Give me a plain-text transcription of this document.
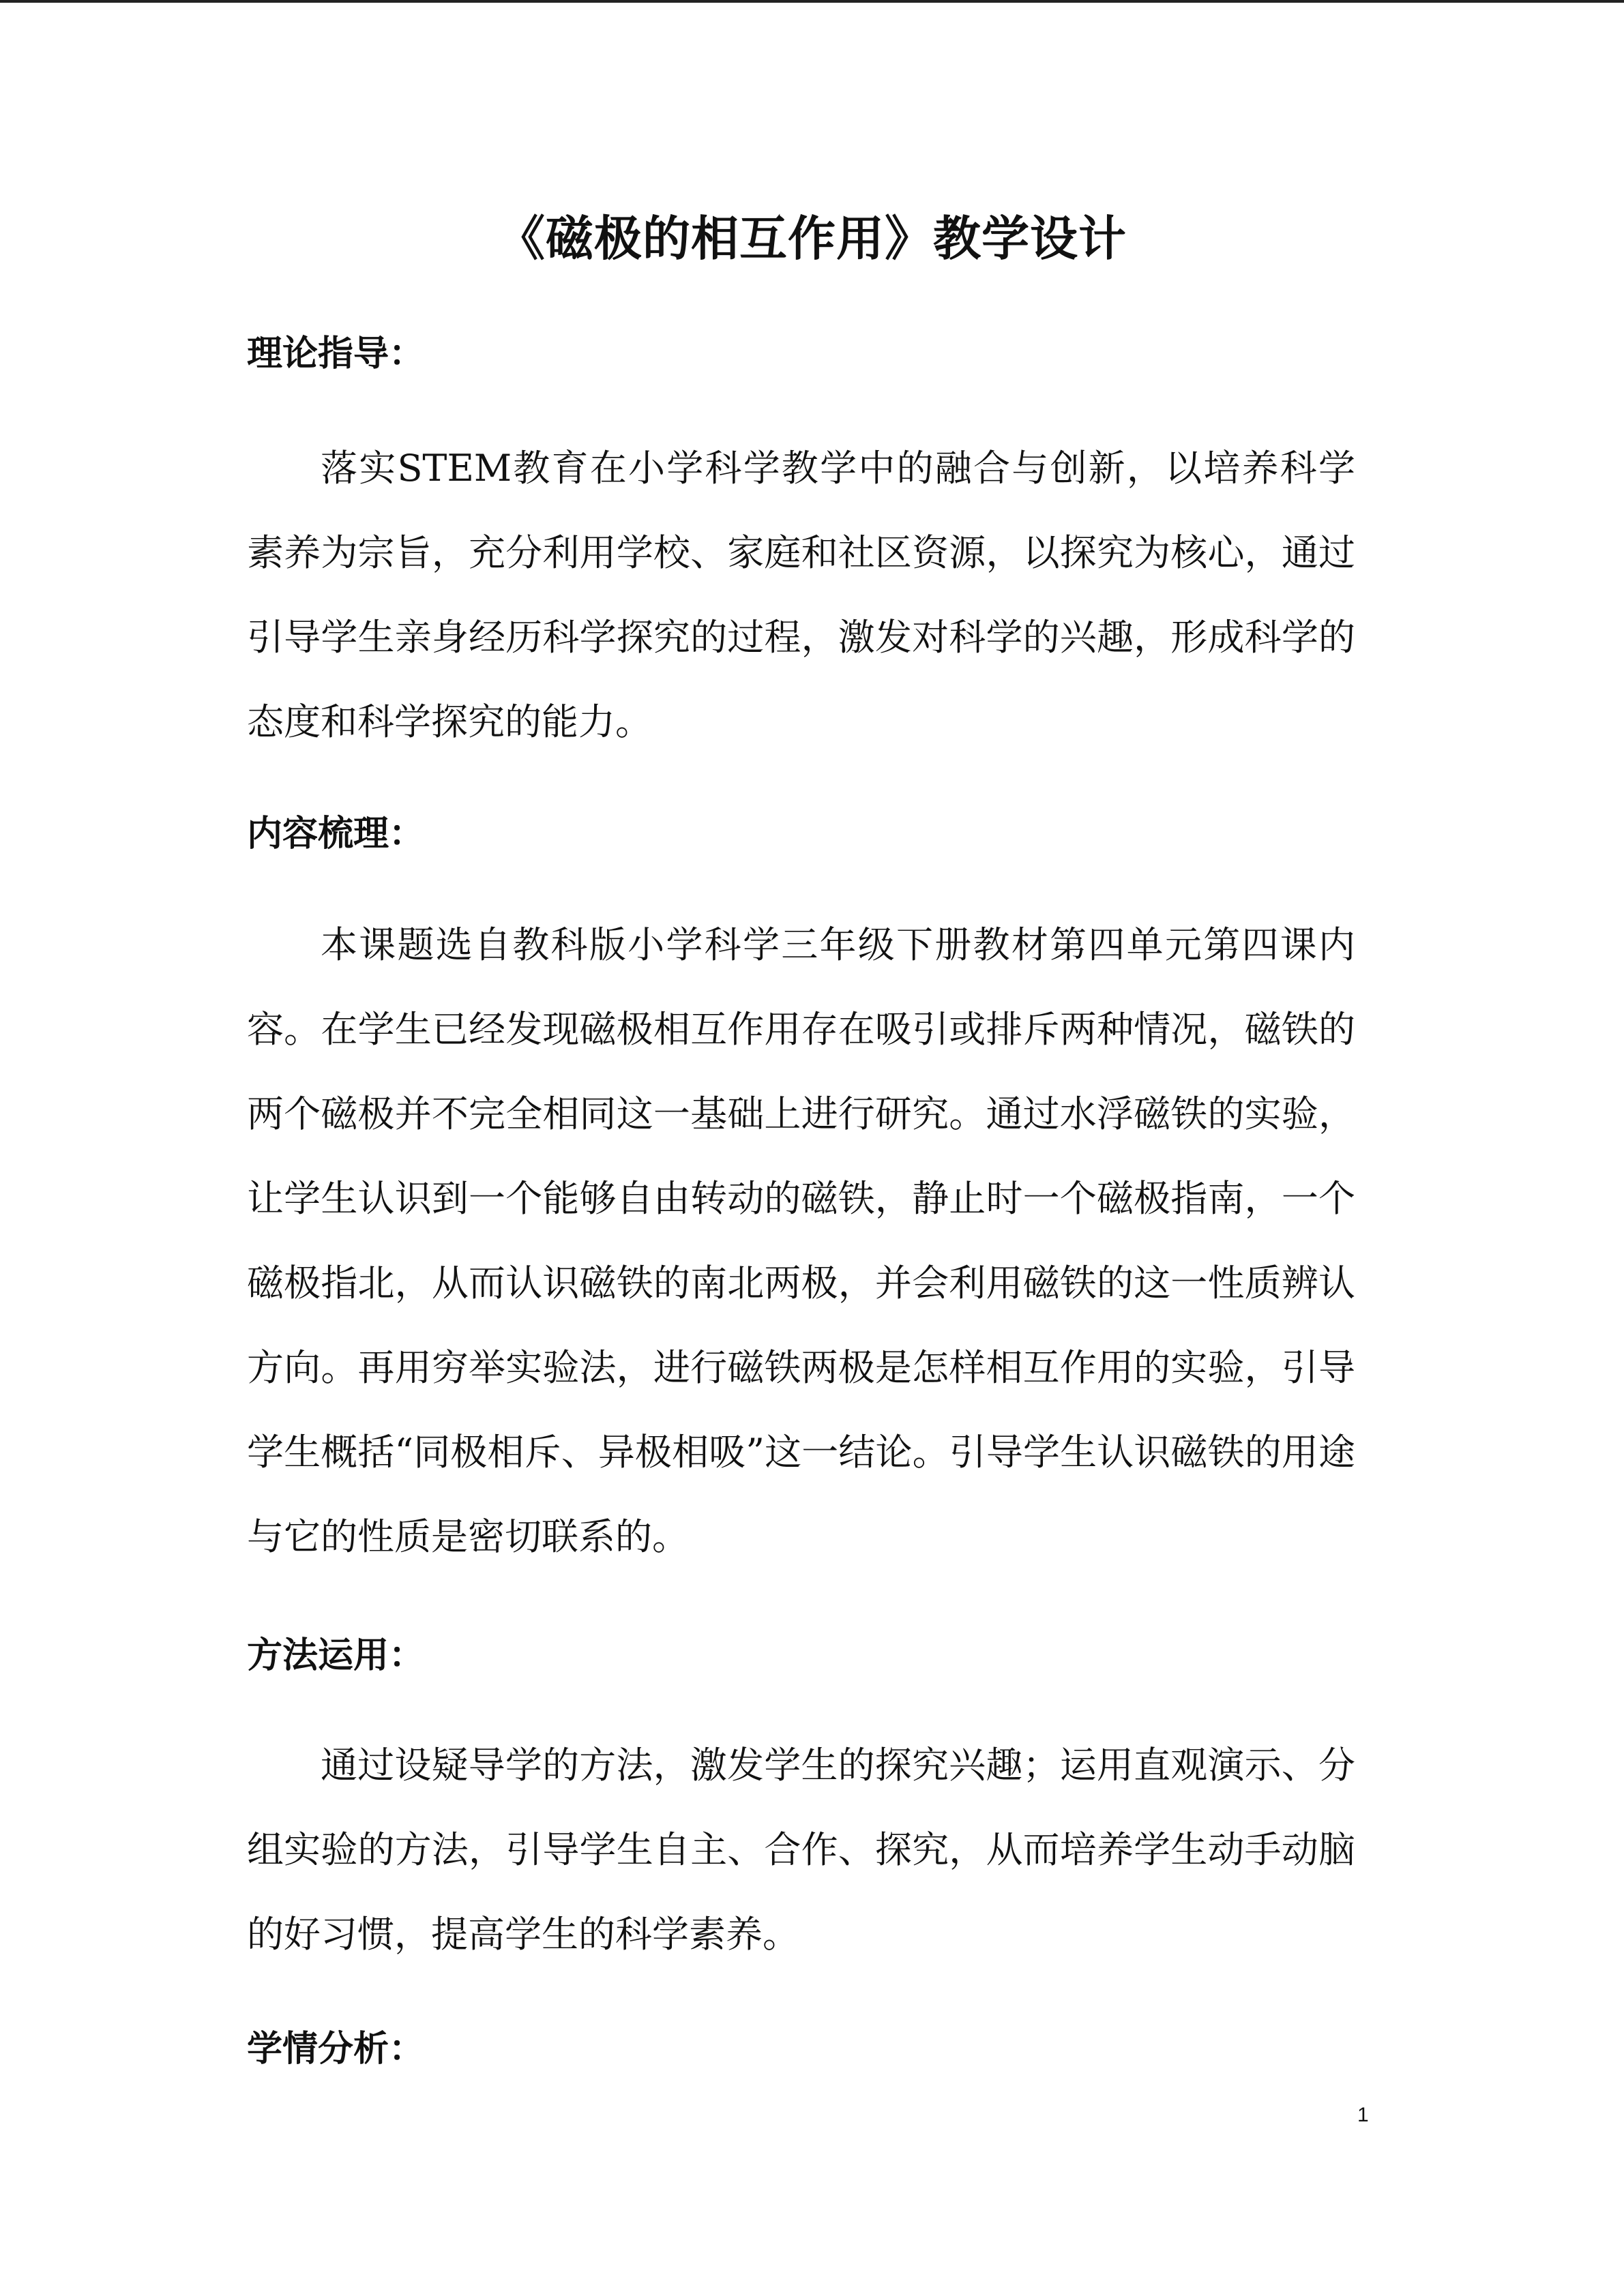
《磁极的相互作用》教学设计
理论指导：

落实STEM教育在小学科学教学中的融合与创新，以培养科学素养为宗旨，充分利用学校、家庭和社区资源，以探究为核心，通过引导学生亲身经历科学探究的过程，激发对科学的兴趣，形成科学的态度和科学探究的能力。

内容梳理：

本课题选自教科版小学科学三年级下册教材第四单元第四课内容。在学生已经发现磁极相互作用存在吸引或排斥两种情况，磁铁的两个磁极并不完全相同这一基础上进行研究。通过水浮磁铁的实验，让学生认识到一个能够自由转动的磁铁，静止时一个磁极指南，一个磁极指北，从而认识磁铁的南北两极，并会利用磁铁的这一性质辨认方向。再用穷举实验法，进行磁铁两极是怎样相互作用的实验，引导学生概括“同极相斥、异极相吸”这一结论。引导学生认识磁铁的用途与它的性质是密切联系的。

方法运用：

通过设疑导学的方法，激发学生的探究兴趣；运用直观演示、分组实验的方法，引导学生自主、合作、探究，从而培养学生动手动脑的好习惯，提高学生的科学素养。

学情分析：
1
